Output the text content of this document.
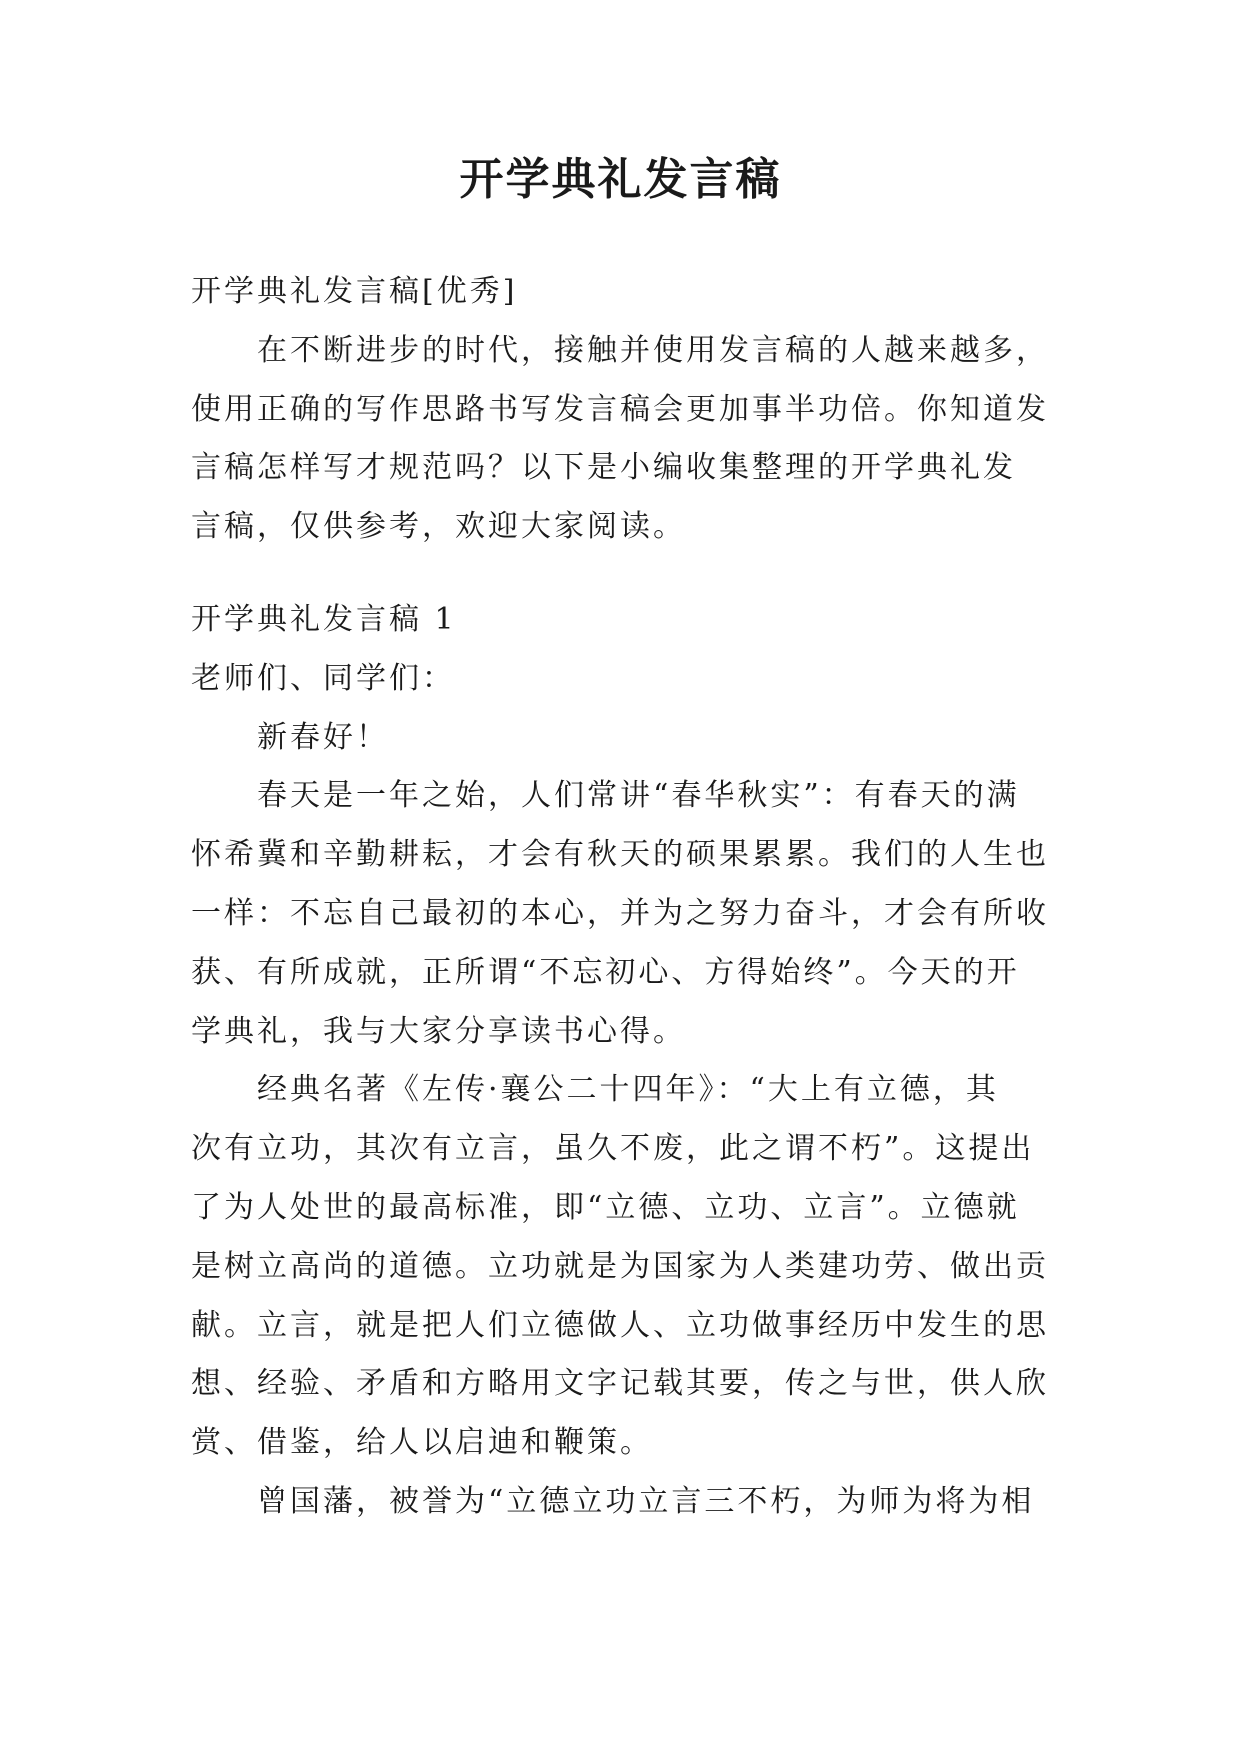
开学典礼发言稿
开学典礼发言稿[优秀]
在不断进步的时代，接触并使用发言稿的人越来越多，
使用正确的写作思路书写发言稿会更加事半功倍。你知道发
言稿怎样写才规范吗？以下是小编收集整理的开学典礼发
言稿，仅供参考，欢迎大家阅读。
开学典礼发言稿 1
老师们、同学们：
新春好！
春天是一年之始，人们常讲“春华秋实”：有春天的满
怀希冀和辛勤耕耘，才会有秋天的硕果累累。我们的人生也
一样：不忘自己最初的本心，并为之努力奋斗，才会有所收
获、有所成就，正所谓“不忘初心、方得始终”。今天的开
学典礼，我与大家分享读书心得。
经典名著《左传·襄公二十四年》：“大上有立德，其
次有立功，其次有立言，虽久不废，此之谓不朽”。这提出
了为人处世的最高标准，即“立德、立功、立言”。立德就
是树立高尚的道德。立功就是为国家为人类建功劳、做出贡
献。立言，就是把人们立德做人、立功做事经历中发生的思
想、经验、矛盾和方略用文字记载其要，传之与世，供人欣
赏、借鉴，给人以启迪和鞭策。
曾国藩，被誉为“立德立功立言三不朽，为师为将为相
